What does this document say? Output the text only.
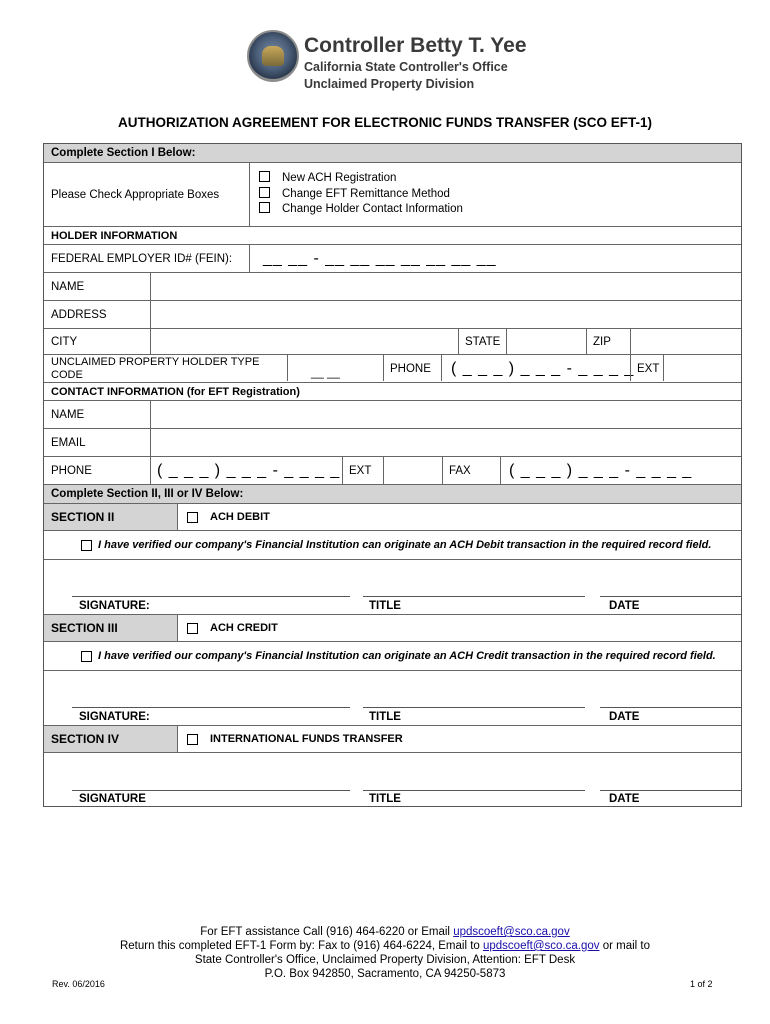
Controller Betty T. Yee
California State Controller's Office
Unclaimed Property Division
AUTHORIZATION AGREEMENT FOR ELECTRONIC FUNDS TRANSFER (SCO EFT-1)
Complete Section I Below:
Please Check Appropriate Boxes
New ACH Registration
Change EFT Remittance Method
Change Holder Contact Information
HOLDER INFORMATION
FEDERAL EMPLOYER ID# (FEIN):	__ __ - __ __ __ __ __ __ __
NAME
ADDRESS
CITY	STATE	ZIP
UNCLAIMED PROPERTY HOLDER TYPE CODE	__ __	PHONE	( _ _ _ ) _ _ _ - _ _ _ _ EXT
CONTACT INFORMATION (for EFT Registration)
NAME
EMAIL
PHONE	( _ _ _ ) _ _ _ - _ _ _ _ EXT	FAX	( _ _ _ ) _ _ _ - _ _ _ _
Complete Section II, III or IV Below:
SECTION II	ACH DEBIT
I have verified our company's Financial Institution can originate an ACH Debit transaction in the required record field.
SIGNATURE:	TITLE	DATE
SECTION III	ACH CREDIT
I have verified our company's Financial Institution can originate an ACH Credit transaction in the required record field.
SIGNATURE:	TITLE	DATE
SECTION IV	INTERNATIONAL FUNDS TRANSFER
SIGNATURE	TITLE	DATE
For EFT assistance Call (916) 464-6220 or Email updscoeft@sco.ca.gov
Return this completed EFT-1 Form by: Fax to (916) 464-6224, Email to updscoeft@sco.ca.gov or mail to
State Controller's Office, Unclaimed Property Division, Attention: EFT Desk
P.O. Box 942850, Sacramento, CA 94250-5873
Rev. 06/2016	1 of 2
